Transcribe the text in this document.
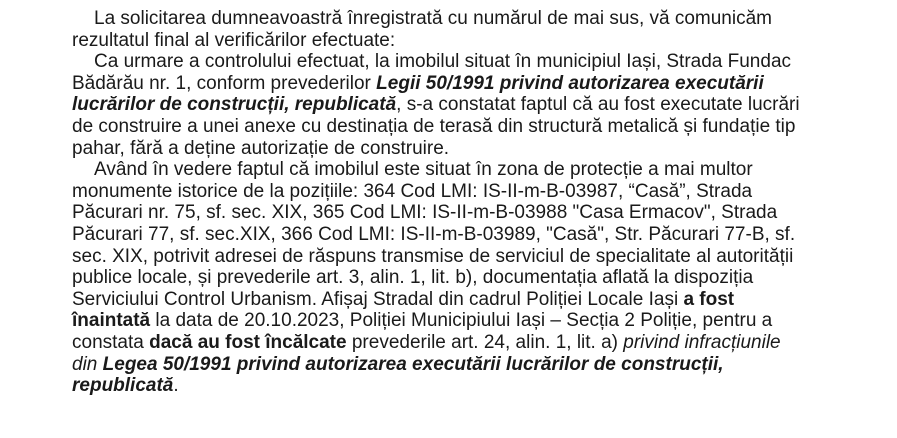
La solicitarea dumneavoastră înregistrată cu numărul de mai sus, vă comunicăm
rezultatul final al verificărilor efectuate:
Ca urmare a controlului efectuat, la imobilul situat în municipiul Iași, Strada Fundac
Bădărău nr. 1, conform prevederilor Legii 50/1991 privind autorizarea executării
lucrărilor de construcții, republicată, s-a constatat faptul că au fost executate lucrări
de construire a unei anexe cu destinația de terasă din structură metalică și fundație tip
pahar, fără a deține autorizație de construire.
Având în vedere faptul că imobilul este situat în zona de protecție a mai multor
monumente istorice de la pozițiile: 364 Cod LMI: IS-II-m-B-03987, “Casă”, Strada
Păcurari nr. 75, sf. sec. XIX, 365 Cod LMI: IS-II-m-B-03988 "Casa Ermacov", Strada
Păcurari 77, sf. sec.XIX, 366 Cod LMI: IS-II-m-B-03989, "Casă", Str. Păcurari 77-B, sf.
sec. XIX, potrivit adresei de răspuns transmise de serviciul de specialitate al autorității
publice locale, și prevederile art. 3, alin. 1, lit. b), documentația aflată la dispoziția
Serviciului Control Urbanism. Afișaj Stradal din cadrul Poliției Locale Iași a fost
înaintată la data de 20.10.2023, Poliției Municipiului Iași – Secția 2 Poliție, pentru a
constata dacă au fost încălcate prevederile art. 24, alin. 1, lit. a) privind infracțiunile
din Legea 50/1991 privind autorizarea executării lucrărilor de construcții,
republicată.
